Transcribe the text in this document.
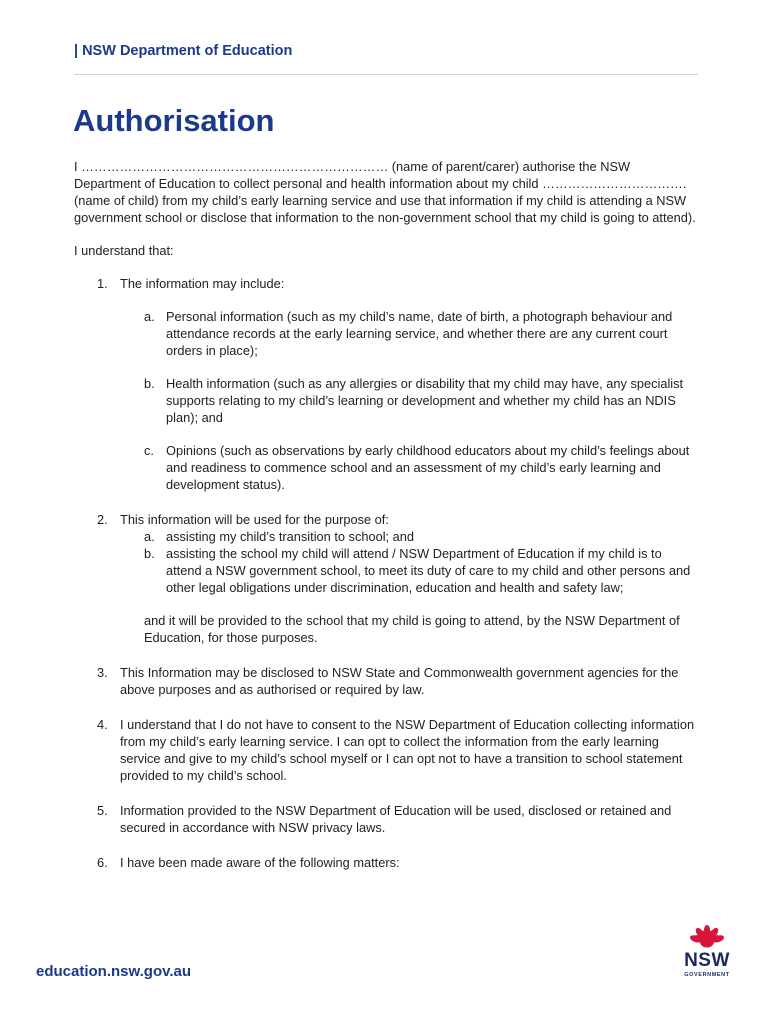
| NSW Department of Education
Authorisation

I ……………………………………………………………… (name of parent/carer) authorise the NSW Department of Education to collect personal and health information about my child ……………………………. (name of child) from my child’s early learning service and use that information if my child is attending a NSW government school or disclose that information to the non-government school that my child is going to attend).

I understand that:

1. The information may include:
a. Personal information (such as my child’s name, date of birth, a photograph behaviour and attendance records at the early learning service, and whether there are any current court orders in place);
b. Health information (such as any allergies or disability that my child may have, any specialist supports relating to my child’s learning or development and whether my child has an NDIS plan); and
c. Opinions (such as observations by early childhood educators about my child’s feelings about and readiness to commence school and an assessment of my child’s early learning and development status).
2. This information will be used for the purpose of:
a. assisting my child’s transition to school; and
b. assisting the school my child will attend / NSW Department of Education if my child is to attend a NSW government school, to meet its duty of care to my child and other persons and other legal obligations under discrimination, education and health and safety law;

and it will be provided to the school that my child is going to attend, by the NSW Department of Education, for those purposes.

3. This Information may be disclosed to NSW State and Commonwealth government agencies for the above purposes and as authorised or required by law.
4. I understand that I do not have to consent to the NSW Department of Education collecting information from my child’s early learning service. I can opt to collect the information from the early learning service and give to my child’s school myself or I can opt not to have a transition to school statement provided to my child’s school.
5. Information provided to the NSW Department of Education will be used, disclosed or retained and secured in accordance with NSW privacy laws.
6. I have been made aware of the following matters:
education.nsw.gov.au
NSW
GOVERNMENT
